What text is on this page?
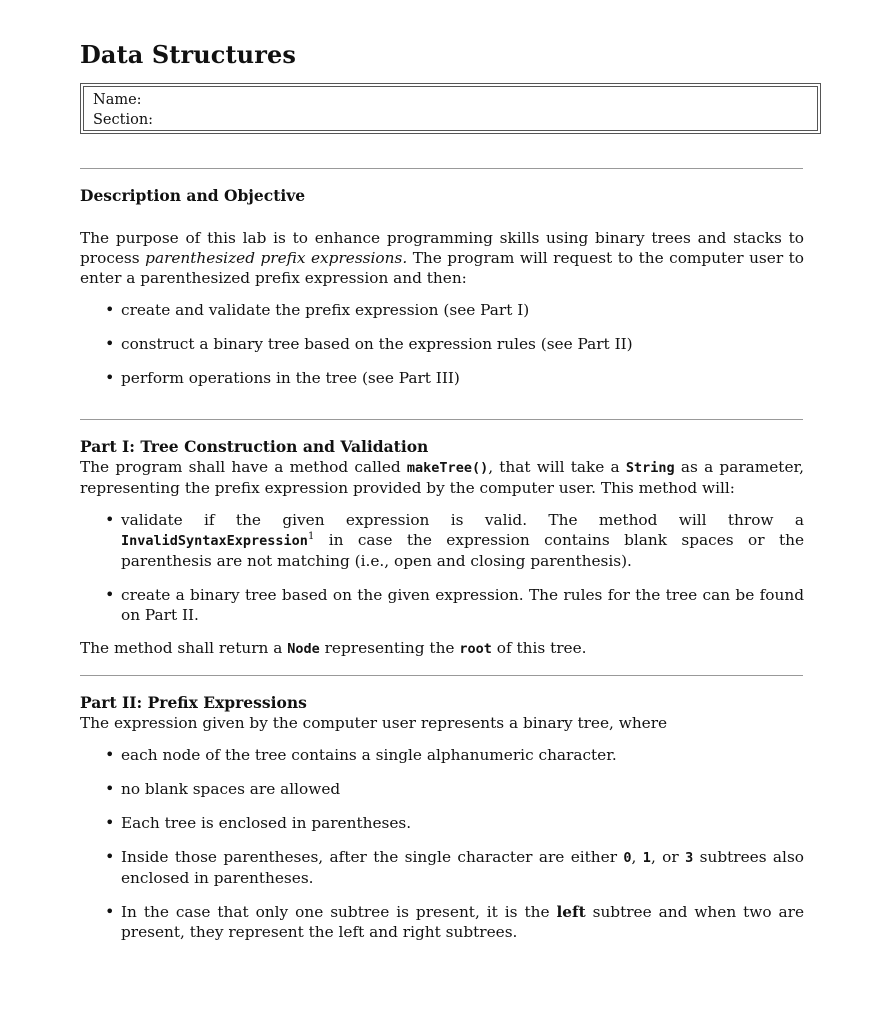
Data Structures
Name:
Section:
Description and Objective

The purpose of this lab is to enhance programming skills using binary trees and stacks to process parenthesized prefix expressions. The program will request to the computer user to enter a parenthesized prefix expression and then:

• create and validate the prefix expression (see Part I)
• construct a binary tree based on the expression rules (see Part II)
• perform operations in the tree (see Part III)
Part I: Tree Construction and Validation

The program shall have a method called makeTree(), that will take a String as a parameter, representing the prefix expression provided by the computer user. This method will:

• validate if the given expression is valid. The method will throw a InvalidSyntaxExpression$^1$ in case the expression contains blank spaces or the parenthesis are not matching (i.e., open and closing parenthesis).
• create a binary tree based on the given expression. The rules for the tree can be found on Part II.

The method shall return a Node representing the root of this tree.

Part II: Prefix Expressions

The expression given by the computer user represents a binary tree, where

• each node of the tree contains a single alphanumeric character.
• no blank spaces are allowed
• Each tree is enclosed in parentheses.
• Inside those parentheses, after the single character are either 0, 1, or 3 subtrees also enclosed in parentheses.
• In the case that only one subtree is present, it is the left subtree and when two are present, they represent the left and right subtrees.
